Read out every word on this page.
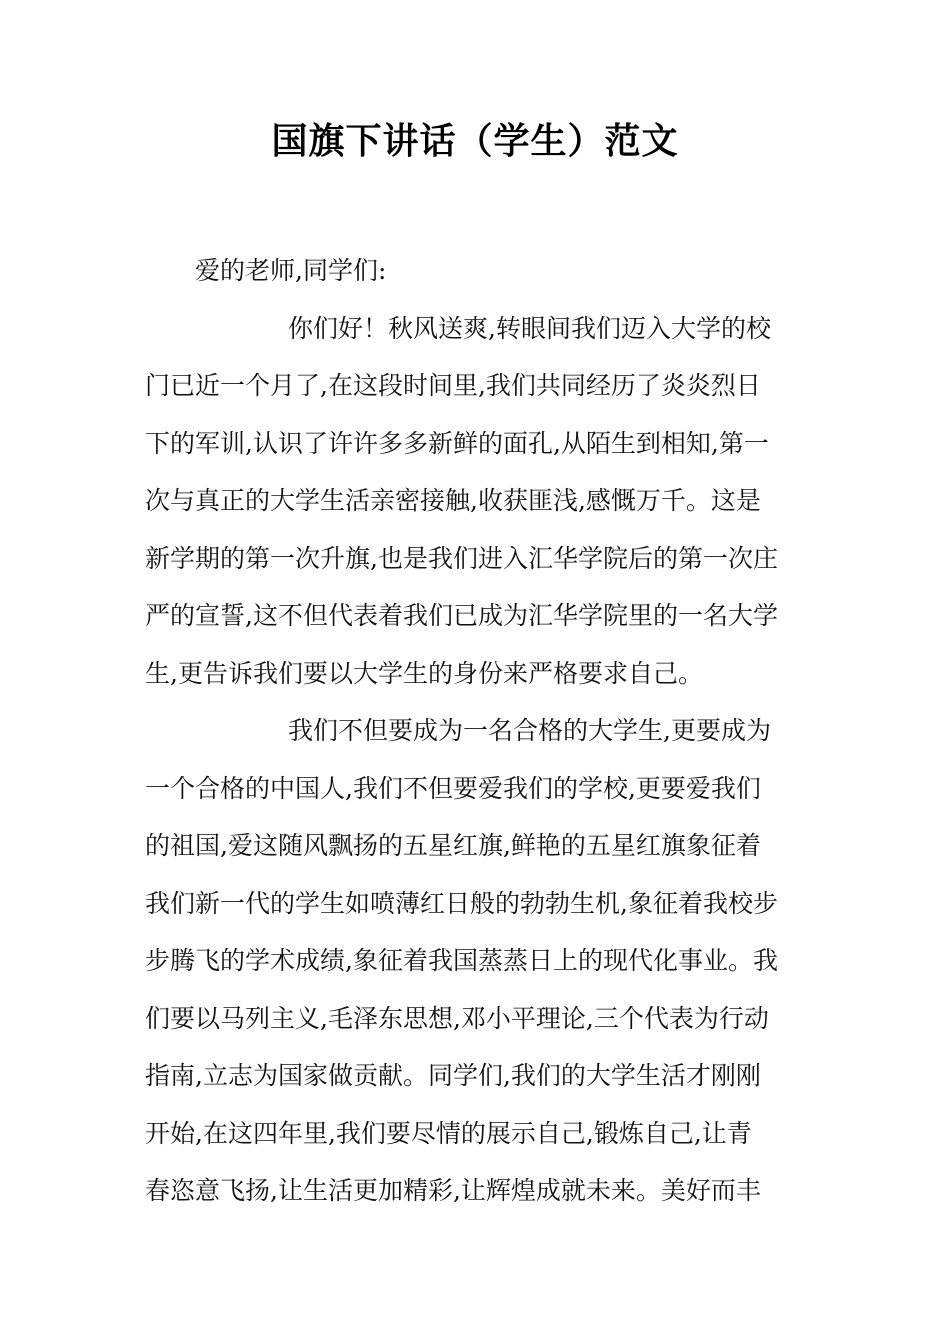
国旗下讲话（学生）范文
爱的老师,同学们:
你们好！秋风送爽,转眼间我们迈入大学的校
门已近一个月了,在这段时间里,我们共同经历了炎炎烈日
下的军训,认识了许许多多新鲜的面孔,从陌生到相知,第一
次与真正的大学生活亲密接触,收获匪浅,感慨万千。这是
新学期的第一次升旗,也是我们进入汇华学院后的第一次庄
严的宣誓,这不但代表着我们已成为汇华学院里的一名大学
生,更告诉我们要以大学生的身份来严格要求自己。
我们不但要成为一名合格的大学生,更要成为
一个合格的中国人,我们不但要爱我们的学校,更要爱我们
的祖国,爱这随风飘扬的五星红旗,鲜艳的五星红旗象征着
我们新一代的学生如喷薄红日般的勃勃生机,象征着我校步
步腾飞的学术成绩,象征着我国蒸蒸日上的现代化事业。我
们要以马列主义,毛泽东思想,邓小平理论,三个代表为行动
指南,立志为国家做贡献。同学们,我们的大学生活才刚刚
开始,在这四年里,我们要尽情的展示自己,锻炼自己,让青
春恣意飞扬,让生活更加精彩,让辉煌成就未来。美好而丰
